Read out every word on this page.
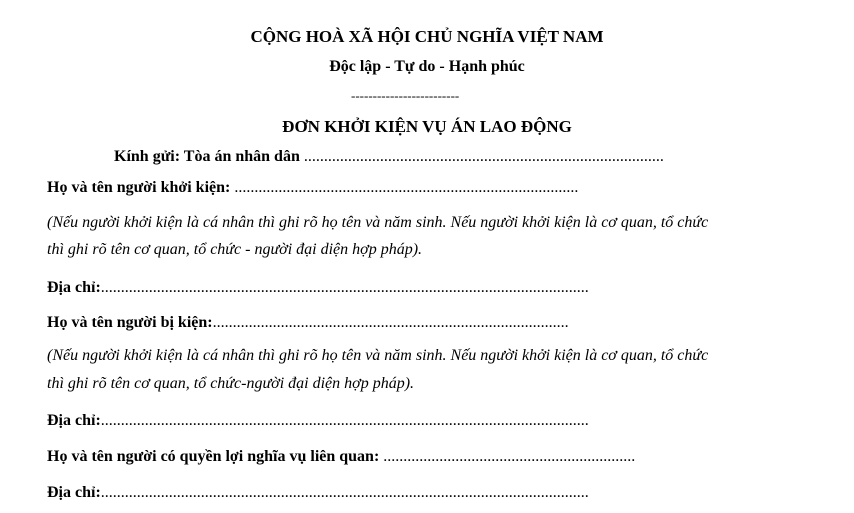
CỘNG HOÀ XÃ HỘI CHỦ NGHĨA VIỆT NAM
Độc lập - Tự do - Hạnh phúc
-------------------------
ĐƠN KHỞI KIỆN VỤ ÁN LAO ĐỘNG
Kính gửi: Tòa án nhân dân ..........................................................................................
Họ và tên người khởi kiện: ......................................................................................
(Nếu người khởi kiện là cá nhân thì ghi rõ họ tên và năm sinh. Nếu người khởi kiện là cơ quan, tổ chức
thì ghi rõ tên cơ quan, tổ chức - người đại diện hợp pháp).
Địa chỉ:..........................................................................................................................
Họ và tên người bị kiện:.........................................................................................
(Nếu người khởi kiện là cá nhân thì ghi rõ họ tên và năm sinh. Nếu người khởi kiện là cơ quan, tổ chức
thì ghi rõ tên cơ quan, tổ chức-người đại diện hợp pháp).
Địa chỉ:..........................................................................................................................
Họ và tên người có quyền lợi nghĩa vụ liên quan: ...............................................................
Địa chỉ:..........................................................................................................................
